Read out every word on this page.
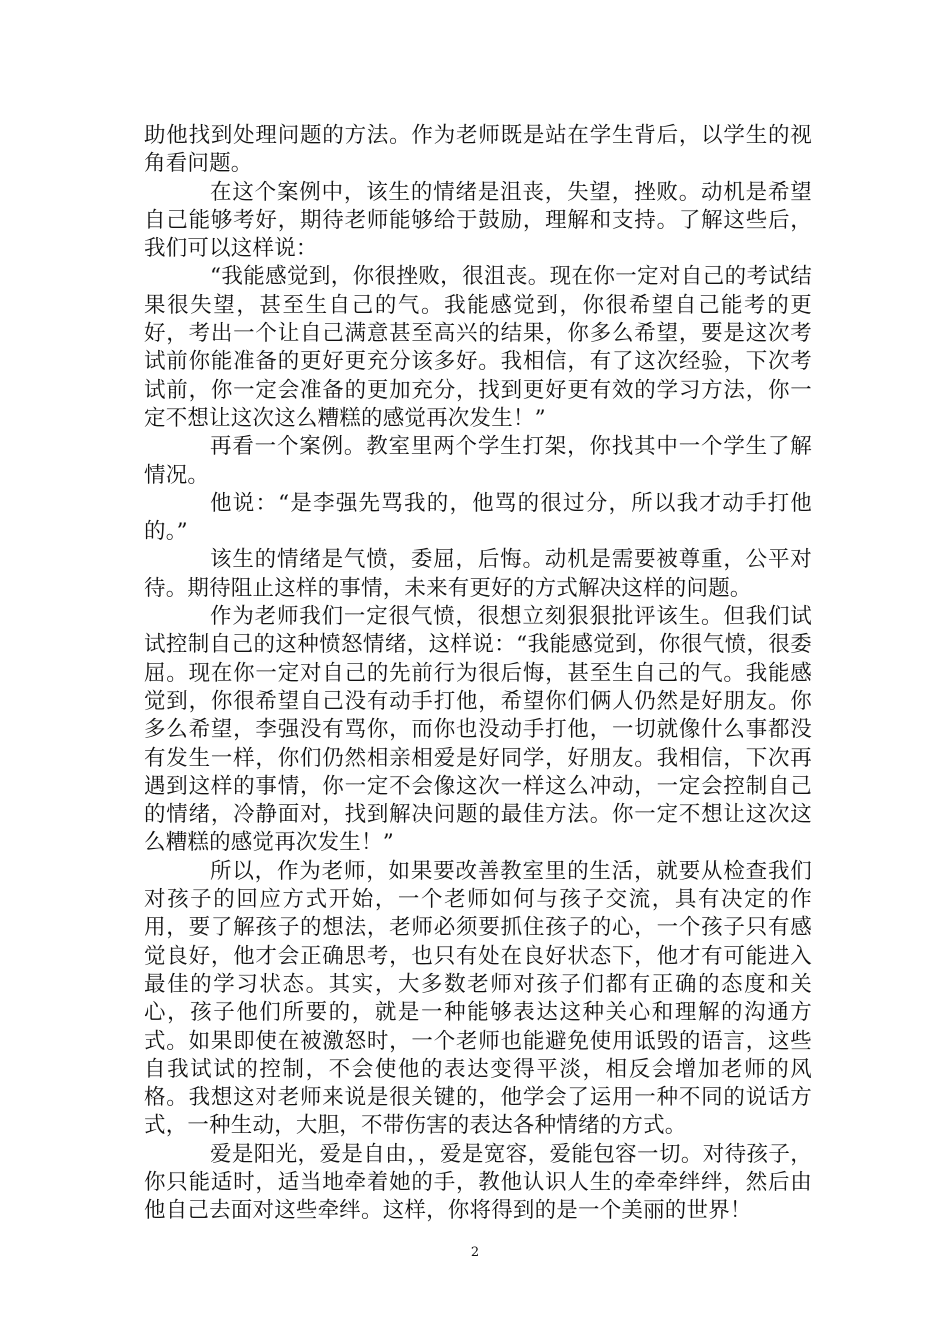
助他找到处理问题的方法。作为老师既是站在学生背后，以学生的视角看问题。

在这个案例中，该生的情绪是沮丧，失望，挫败。动机是希望自己能够考好，期待老师能够给于鼓励，理解和支持。了解这些后，我们可以这样说：

“我能感觉到，你很挫败，很沮丧。现在你一定对自己的考试结果很失望，甚至生自己的气。我能感觉到，你很希望自己能考的更好，考出一个让自己满意甚至高兴的结果，你多么希望，要是这次考试前你能准备的更好更充分该多好。我相信，有了这次经验，下次考试前，你一定会准备的更加充分，找到更好更有效的学习方法，你一定不想让这次这么糟糕的感觉再次发生！”

再看一个案例。教室里两个学生打架，你找其中一个学生了解情况。

他说：“是李强先骂我的，他骂的很过分，所以我才动手打他的。”

该生的情绪是气愤，委屈，后悔。动机是需要被尊重，公平对待。期待阻止这样的事情，未来有更好的方式解决这样的问题。

作为老师我们一定很气愤，很想立刻狠狠批评该生。但我们试试控制自己的这种愤怒情绪，这样说：“我能感觉到，你很气愤，很委屈。现在你一定对自己的先前行为很后悔，甚至生自己的气。我能感觉到，你很希望自己没有动手打他，希望你们俩人仍然是好朋友。你多么希望，李强没有骂你，而你也没动手打他，一切就像什么事都没有发生一样，你们仍然相亲相爱是好同学，好朋友。我相信，下次再遇到这样的事情，你一定不会像这次一样这么冲动，一定会控制自己的情绪，冷静面对，找到解决问题的最佳方法。你一定不想让这次这么糟糕的感觉再次发生！”

所以，作为老师，如果要改善教室里的生活，就要从检查我们对孩子的回应方式开始，一个老师如何与孩子交流，具有决定的作用，要了解孩子的想法，老师必须要抓住孩子的心，一个孩子只有感觉良好，他才会正确思考，也只有处在良好状态下，他才有可能进入最佳的学习状态。其实，大多数老师对孩子们都有正确的态度和关心，孩子他们所要的，就是一种能够表达这种关心和理解的沟通方式。如果即使在被激怒时，一个老师也能避免使用诋毁的语言，这些自我试试的控制，不会使他的表达变得平淡，相反会增加老师的风格。我想这对老师来说是很关键的，他学会了运用一种不同的说话方式，一种生动，大胆，不带伤害的表达各种情绪的方式。

爱是阳光，爱是自由，，爱是宽容，爱能包容一切。对待孩子，你只能适时，适当地牵着她的手，教他认识人生的牵牵绊绊，然后由他自己去面对这些牵绊。这样，你将得到的是一个美丽的世界！

2
